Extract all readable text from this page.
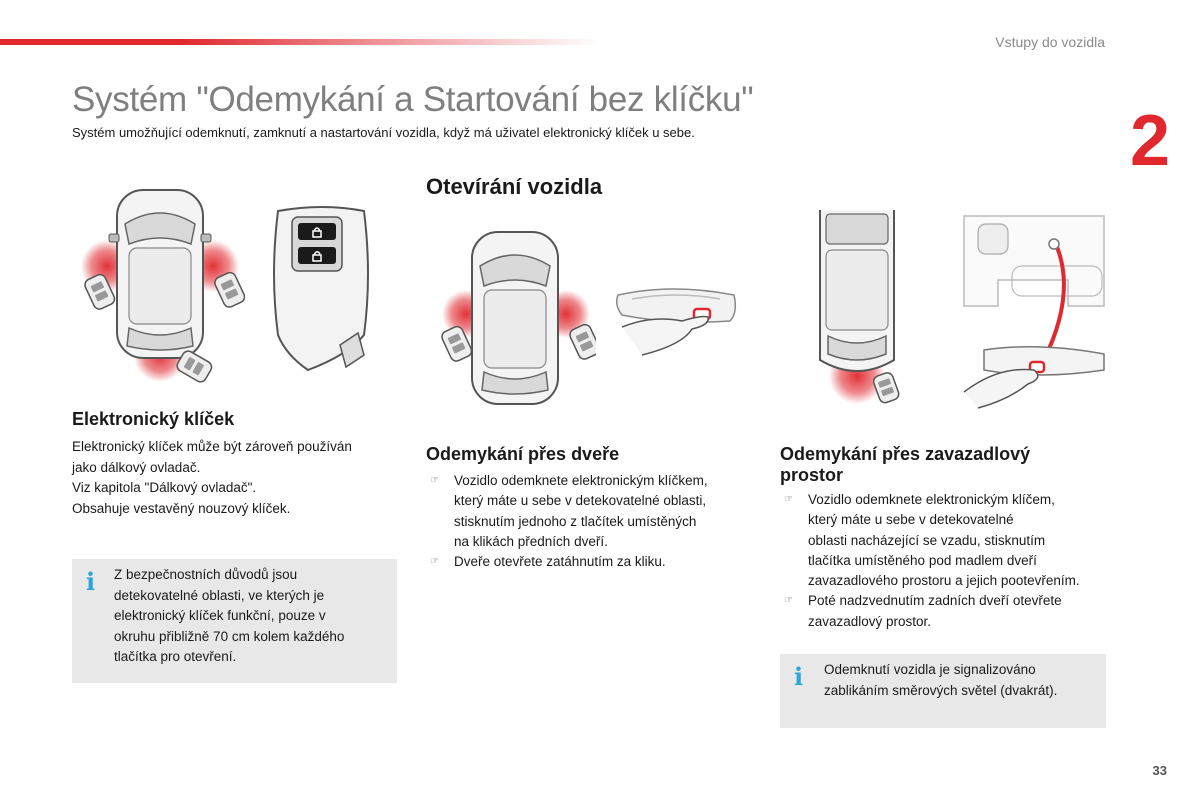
Vstupy do vozidla
2
33
Systém "Odemykání a Startování bez klíčku"

Systém umožňující odemknutí, zamknutí a nastartování vozidla, když má uživatel elektronický klíček u sebe.

Otevírání vozidla
Elektronický klíček
Elektronický klíček může být zároveň používán
jako dálkový ovladač.
Viz kapitola "Dálkový ovladač".
Obsahuje vestavěný nouzový klíček.
i Z bezpečnostních důvodů jsou
detekovatelné oblasti, ve kterých je
elektronický klíček funkční, pouze v
okruhu přibližně 70 cm kolem každého
tlačítka pro otevření.
Odemykání přes dveře
☞ Vozidlo odemknete elektronickým klíčkem,
který máte u sebe v detekovatelné oblasti,
stisknutím jednoho z tlačítek umístěných
na klikách předních dveří.
☞ Dveře otevřete zatáhnutím za kliku.
Odemykání přes zavazadlový
prostor
☞ Vozidlo odemknete elektronickým klíčem,
který máte u sebe v detekovatelné
oblasti nacházející se vzadu, stisknutím
tlačítka umístěného pod madlem dveří
zavazadlového prostoru a jejich pootevřením.
☞ Poté nadzvednutím zadních dveří otevřete
zavazadlový prostor.
i Odemknutí vozidla je signalizováno
zablikáním směrových světel (dvakrát).
